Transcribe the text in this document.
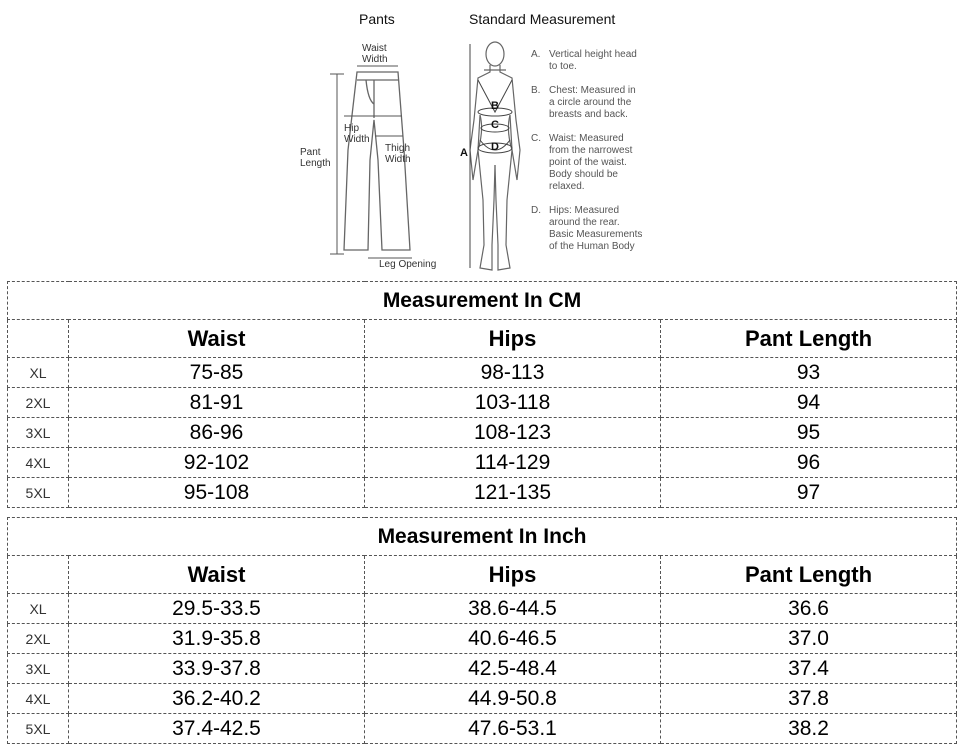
Pants
Waist
Width
Hip
Width
Thigh
Width
Pant
Length
Leg Opening
Standard Measurement
A
B
C
D
A. Vertical height head
to toe.
B. Chest: Measured in
a circle around the
breasts and back.
C. Waist: Measured
from the narrowest
point of the waist.
Body should be
relaxed.
D. Hips: Measured
around the rear.
Basic Measurements
of the Human Body
Measurement In CM			
	Waist	Hips	Pant Length
XL	75-85	98-113	93
2XL	81-91	103-118	94
3XL	86-96	108-123	95
4XL	92-102	114-129	96
5XL	95-108	121-135	97
Measurement In Inch			
	Waist	Hips	Pant Length
XL	29.5-33.5	38.6-44.5	36.6
2XL	31.9-35.8	40.6-46.5	37.0
3XL	33.9-37.8	42.5-48.4	37.4
4XL	36.2-40.2	44.9-50.8	37.8
5XL	37.4-42.5	47.6-53.1	38.2
